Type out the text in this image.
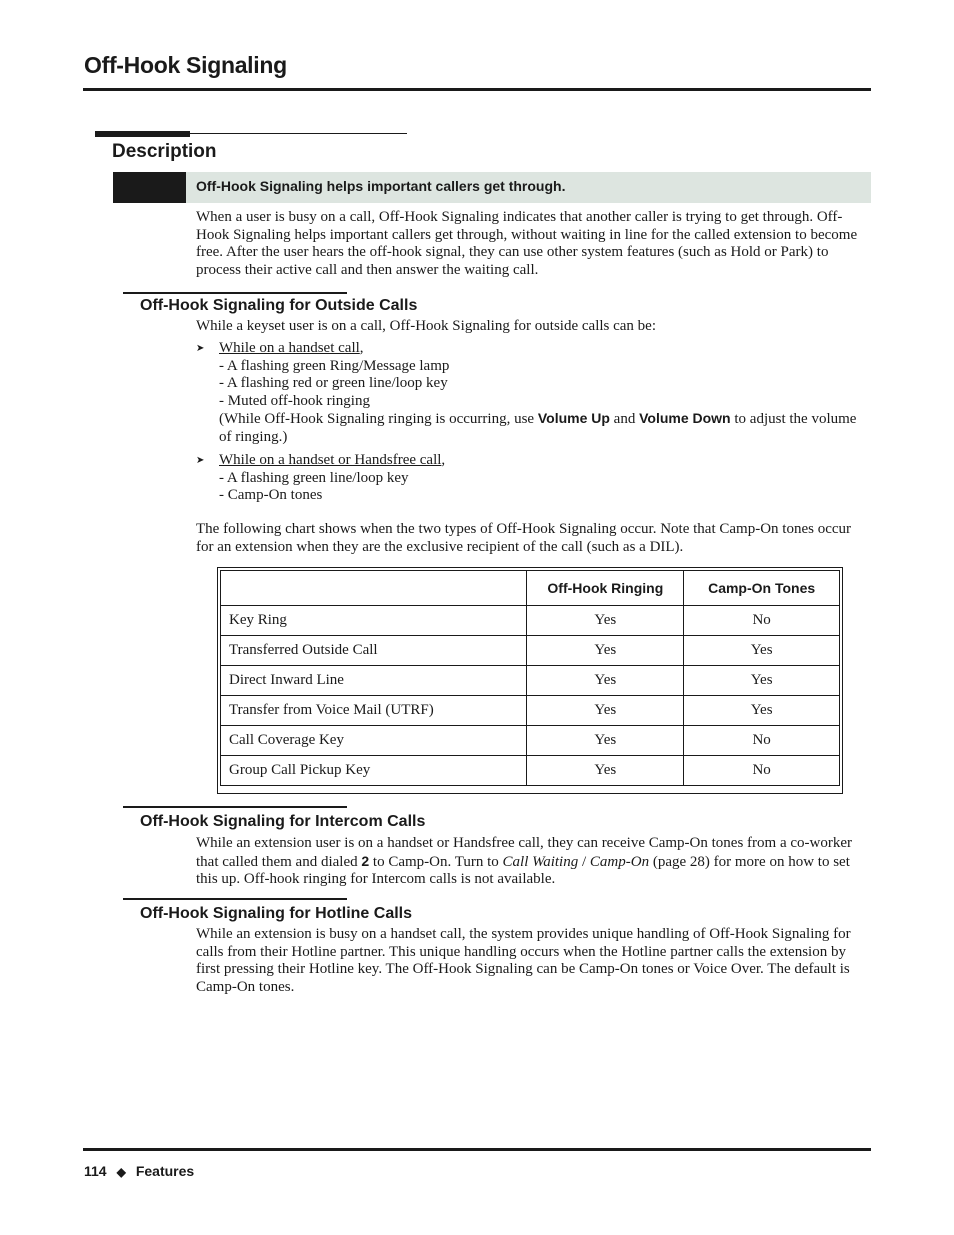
Off-Hook Signaling
Description
Off-Hook Signaling helps important callers get through.
When a user is busy on a call, Off-Hook Signaling indicates that another caller is trying to get through. Off-Hook Signaling helps important callers get through, without waiting in line for the called extension to become free. After the user hears the off-hook signal, they can use other system features (such as Hold or Park) to process their active call and then answer the waiting call.
Off-Hook Signaling for Outside Calls
While a keyset user is on a call, Off-Hook Signaling for outside calls can be:
➤ While on a handset call,
- A flashing green Ring/Message lamp
- A flashing red or green line/loop key
- Muted off-hook ringing
(While Off-Hook Signaling ringing is occurring, use Volume Up and Volume Down to adjust the volume of ringing.)
➤ While on a handset or Handsfree call,
- A flashing green line/loop key
- Camp-On tones
The following chart shows when the two types of Off-Hook Signaling occur. Note that Camp-On tones occur for an extension when they are the exclusive recipient of the call (such as a DIL).
	Off-Hook Ringing	Camp-On Tones
Key Ring	Yes	No
Transferred Outside Call	Yes	Yes
Direct Inward Line	Yes	Yes
Transfer from Voice Mail (UTRF)	Yes	Yes
Call Coverage Key	Yes	No
Group Call Pickup Key	Yes	No
Off-Hook Signaling for Intercom Calls
While an extension user is on a handset or Handsfree call, they can receive Camp-On tones from a co-worker that called them and dialed 2 to Camp-On. Turn to Call Waiting / Camp-On (page 28) for more on how to set this up. Off-hook ringing for Intercom calls is not available.
Off-Hook Signaling for Hotline Calls
While an extension is busy on a handset call, the system provides unique handling of Off-Hook Signaling for calls from their Hotline partner. This unique handling occurs when the Hotline partner calls the extension by first pressing their Hotline key. The Off-Hook Signaling can be Camp-On tones or Voice Over. The default is Camp-On tones.
114 ◆ Features
